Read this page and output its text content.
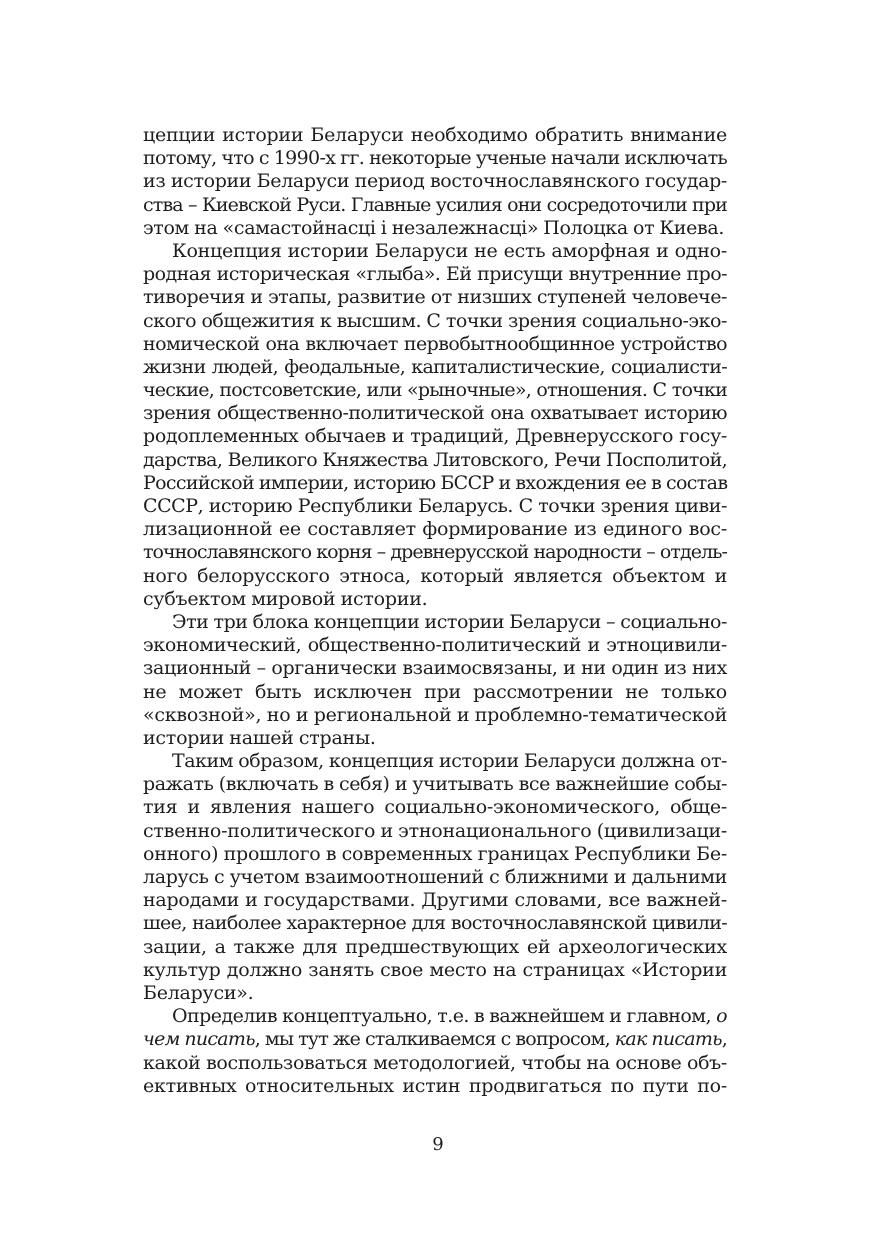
цепции истории Беларуси необходимо обратить внимание
потому, что с 1990-х гг. некоторые ученые начали исключать
из истории Беларуси период восточнославянского государ-
ства – Киевской Руси. Главные усилия они сосредоточили при
этом на «самастойнасці і незалежнасці» Полоцка от Киева.
Концепция истории Беларуси не есть аморфная и одно-
родная историческая «глыба». Ей присущи внутренние про-
тиворечия и этапы, развитие от низших ступеней человече-
ского общежития к высшим. С точки зрения социально-эко-
номической она включает первобытнообщинное устройство
жизни людей, феодальные, капиталистические, социалисти-
ческие, постсоветские, или «рыночные», отношения. С точки
зрения общественно-политической она охватывает историю
родоплеменных обычаев и традиций, Древнерусского госу-
дарства, Великого Княжества Литовского, Речи Посполитой,
Российской империи, историю БССР и вхождения ее в состав
СССР, историю Республики Беларусь. С точки зрения циви-
лизационной ее составляет формирование из единого вос-
точнославянского корня – древнерусской народности – отдель-
ного белорусского этноса, который является объектом и
субъектом мировой истории.
Эти три блока концепции истории Беларуси – социально-
экономический, общественно-политический и этноцивили-
зационный – органически взаимосвязаны, и ни один из них
не может быть исключен при рассмотрении не только
«сквозной», но и региональной и проблемно-тематической
истории нашей страны.
Таким образом, концепция истории Беларуси должна от-
ражать (включать в себя) и учитывать все важнейшие собы-
тия и явления нашего социально-экономического, обще-
ственно-политического и этнонационального (цивилизаци-
онного) прошлого в современных границах Республики Бе-
ларусь с учетом взаимоотношений с ближними и дальними
народами и государствами. Другими словами, все важней-
шее, наиболее характерное для восточнославянской цивили-
зации, а также для предшествующих ей археологических
культур должно занять свое место на страницах «Истории
Беларуси».
Определив концептуально, т.е. в важнейшем и главном, о
чем писать, мы тут же сталкиваемся с вопросом, как писать,
какой воспользоваться методологией, чтобы на основе объ-
ективных относительных истин продвигаться по пути по-
9
